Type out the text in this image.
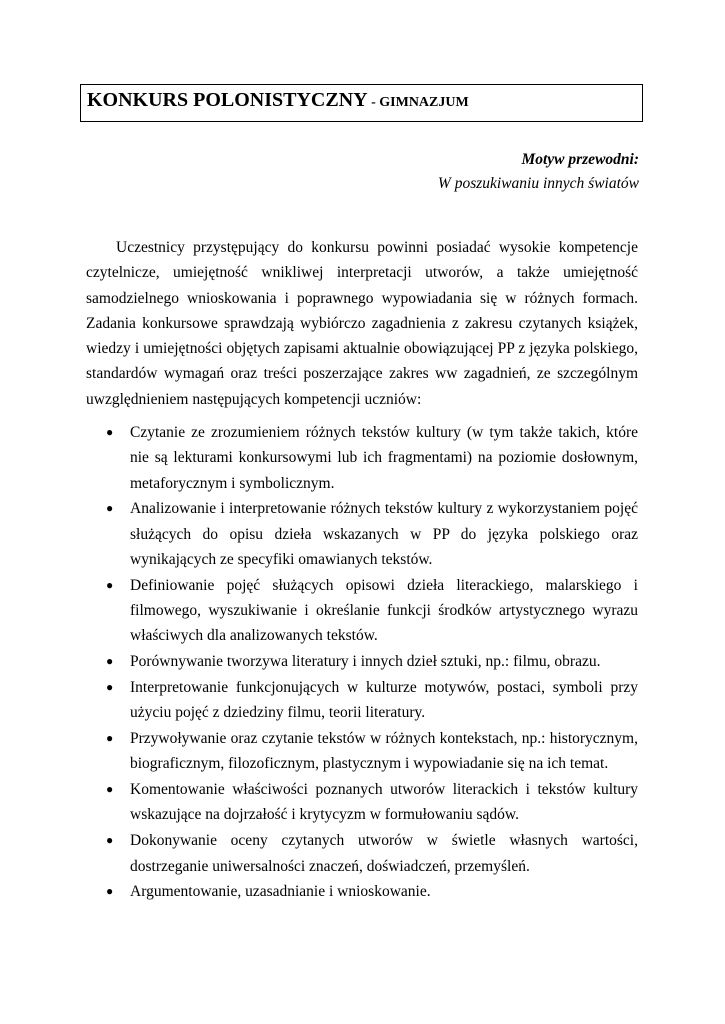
KONKURS POLONISTYCZNY - GIMNAZJUM
Motyw przewodni:
W poszukiwaniu innych światów

Uczestnicy przystępujący do konkursu powinni posiadać wysokie kompetencje czytelnicze, umiejętność wnikliwej interpretacji utworów, a także umiejętność samodzielnego wnioskowania i poprawnego wypowiadania się w różnych formach. Zadania konkursowe sprawdzają wybiórczo zagadnienia z zakresu czytanych książek, wiedzy i umiejętności objętych zapisami aktualnie obowiązującej PP z języka polskiego, standardów wymagań oraz treści poszerzające zakres ww zagadnień, ze szczególnym uwzględnieniem następujących kompetencji uczniów:

● Czytanie ze zrozumieniem różnych tekstów kultury (w tym także takich, które nie są lekturami konkursowymi lub ich fragmentami) na poziomie dosłownym, metaforycznym i symbolicznym.
● Analizowanie i interpretowanie różnych tekstów kultury z wykorzystaniem pojęć służących do opisu dzieła wskazanych w PP do języka polskiego oraz wynikających ze specyfiki omawianych tekstów.
● Definiowanie pojęć służących opisowi dzieła literackiego, malarskiego i filmowego, wyszukiwanie i określanie funkcji środków artystycznego wyrazu właściwych dla analizowanych tekstów.
● Porównywanie tworzywa literatury i innych dzieł sztuki, np.: filmu, obrazu.
● Interpretowanie funkcjonujących w kulturze motywów, postaci, symboli przy użyciu pojęć z dziedziny filmu, teorii literatury.
● Przywoływanie oraz czytanie tekstów w różnych kontekstach, np.: historycznym, biograficznym, filozoficznym, plastycznym i wypowiadanie się na ich temat.
● Komentowanie właściwości poznanych utworów literackich i tekstów kultury wskazujące na dojrzałość i krytycyzm w formułowaniu sądów.
● Dokonywanie oceny czytanych utworów w świetle własnych wartości, dostrzeganie uniwersalności znaczeń, doświadczeń, przemyśleń.
● Argumentowanie, uzasadnianie i wnioskowanie.
